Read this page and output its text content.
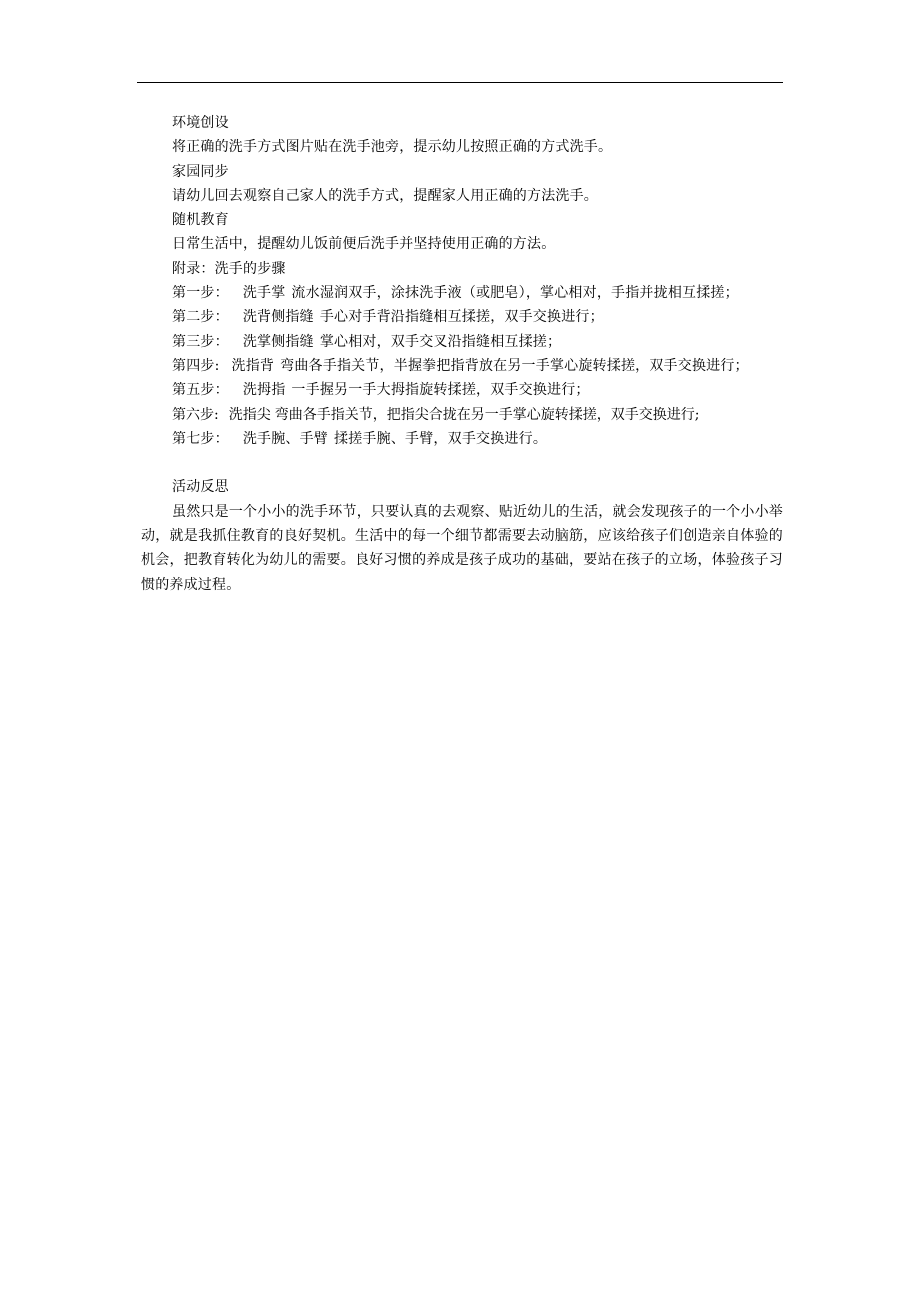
环境创设

将正确的洗手方式图片贴在洗手池旁，提示幼儿按照正确的方式洗手。

家园同步

请幼儿回去观察自己家人的洗手方式，提醒家人用正确的方法洗手。

随机教育

日常生活中，提醒幼儿饭前便后洗手并坚持使用正确的方法。

附录：洗手的步骤

第一步： 洗手掌 流水湿润双手，涂抹洗手液（或肥皂），掌心相对，手指并拢相互揉搓；

第二步： 洗背侧指缝 手心对手背沿指缝相互揉搓，双手交换进行；

第三步： 洗掌侧指缝 掌心相对，双手交叉沿指缝相互揉搓；

第四步: 洗指背 弯曲各手指关节，半握拳把指背放在另一手掌心旋转揉搓，双手交换进行；

第五步： 洗拇指 一手握另一手大拇指旋转揉搓，双手交换进行；

第六步: 洗指尖 弯曲各手指关节，把指尖合拢在另一手掌心旋转揉搓，双手交换进行;

第七步： 洗手腕、手臂 揉搓手腕、手臂，双手交换进行。

活动反思

虽然只是一个小小的洗手环节，只要认真的去观察、贴近幼儿的生活，就会发现孩子的一个小小举动，就是我抓住教育的良好契机。生活中的每一个细节都需要去动脑筋，应该给孩子们创造亲自体验的机会，把教育转化为幼儿的需要。良好习惯的养成是孩子成功的基础，要站在孩子的立场，体验孩子习惯的养成过程。
